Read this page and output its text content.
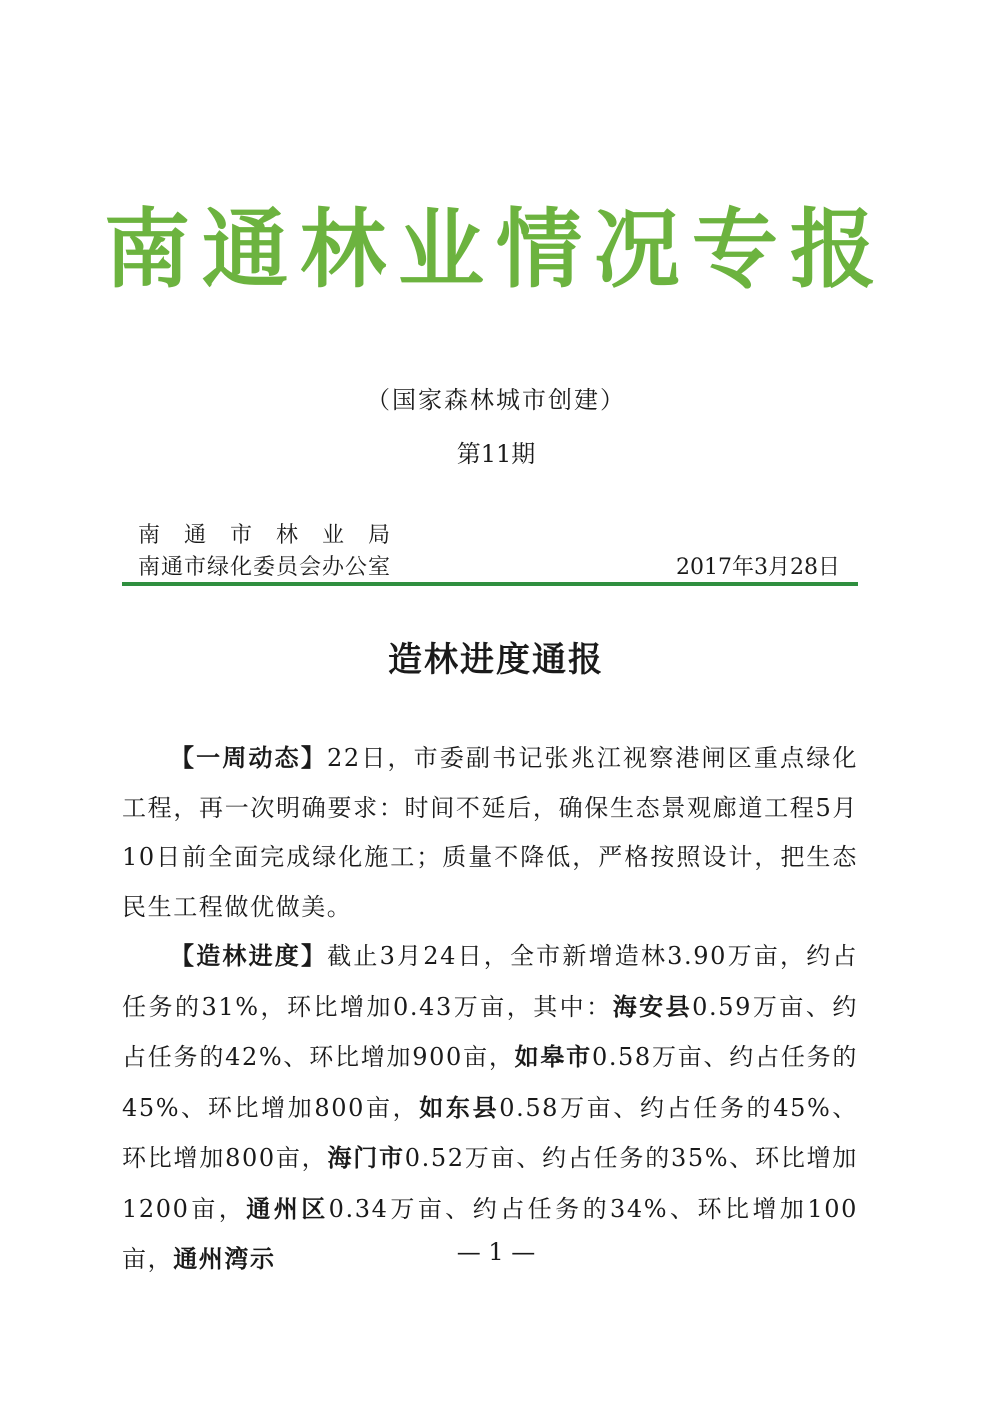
南通林业情况专报
（国家森林城市创建）
第11期
南通市林业局
南通市绿化委员会办公室	2017年3月28日
造林进度通报
【一周动态】22日，市委副书记张兆江视察港闸区重点绿化工程，再一次明确要求：时间不延后，确保生态景观廊道工程5月10日前全面完成绿化施工；质量不降低，严格按照设计，把生态民生工程做优做美。
【造林进度】截止3月24日，全市新增造林3.90万亩，约占任务的31%，环比增加0.43万亩，其中：海安县0.59万亩、约占任务的42%、环比增加900亩，如皋市0.58万亩、约占任务的45%、环比增加800亩，如东县0.58万亩、约占任务的45%、环比增加800亩，海门市0.52万亩、约占任务的35%、环比增加1200亩，通州区0.34万亩、约占任务的34%、环比增加100亩，通州湾示	— 1 —
